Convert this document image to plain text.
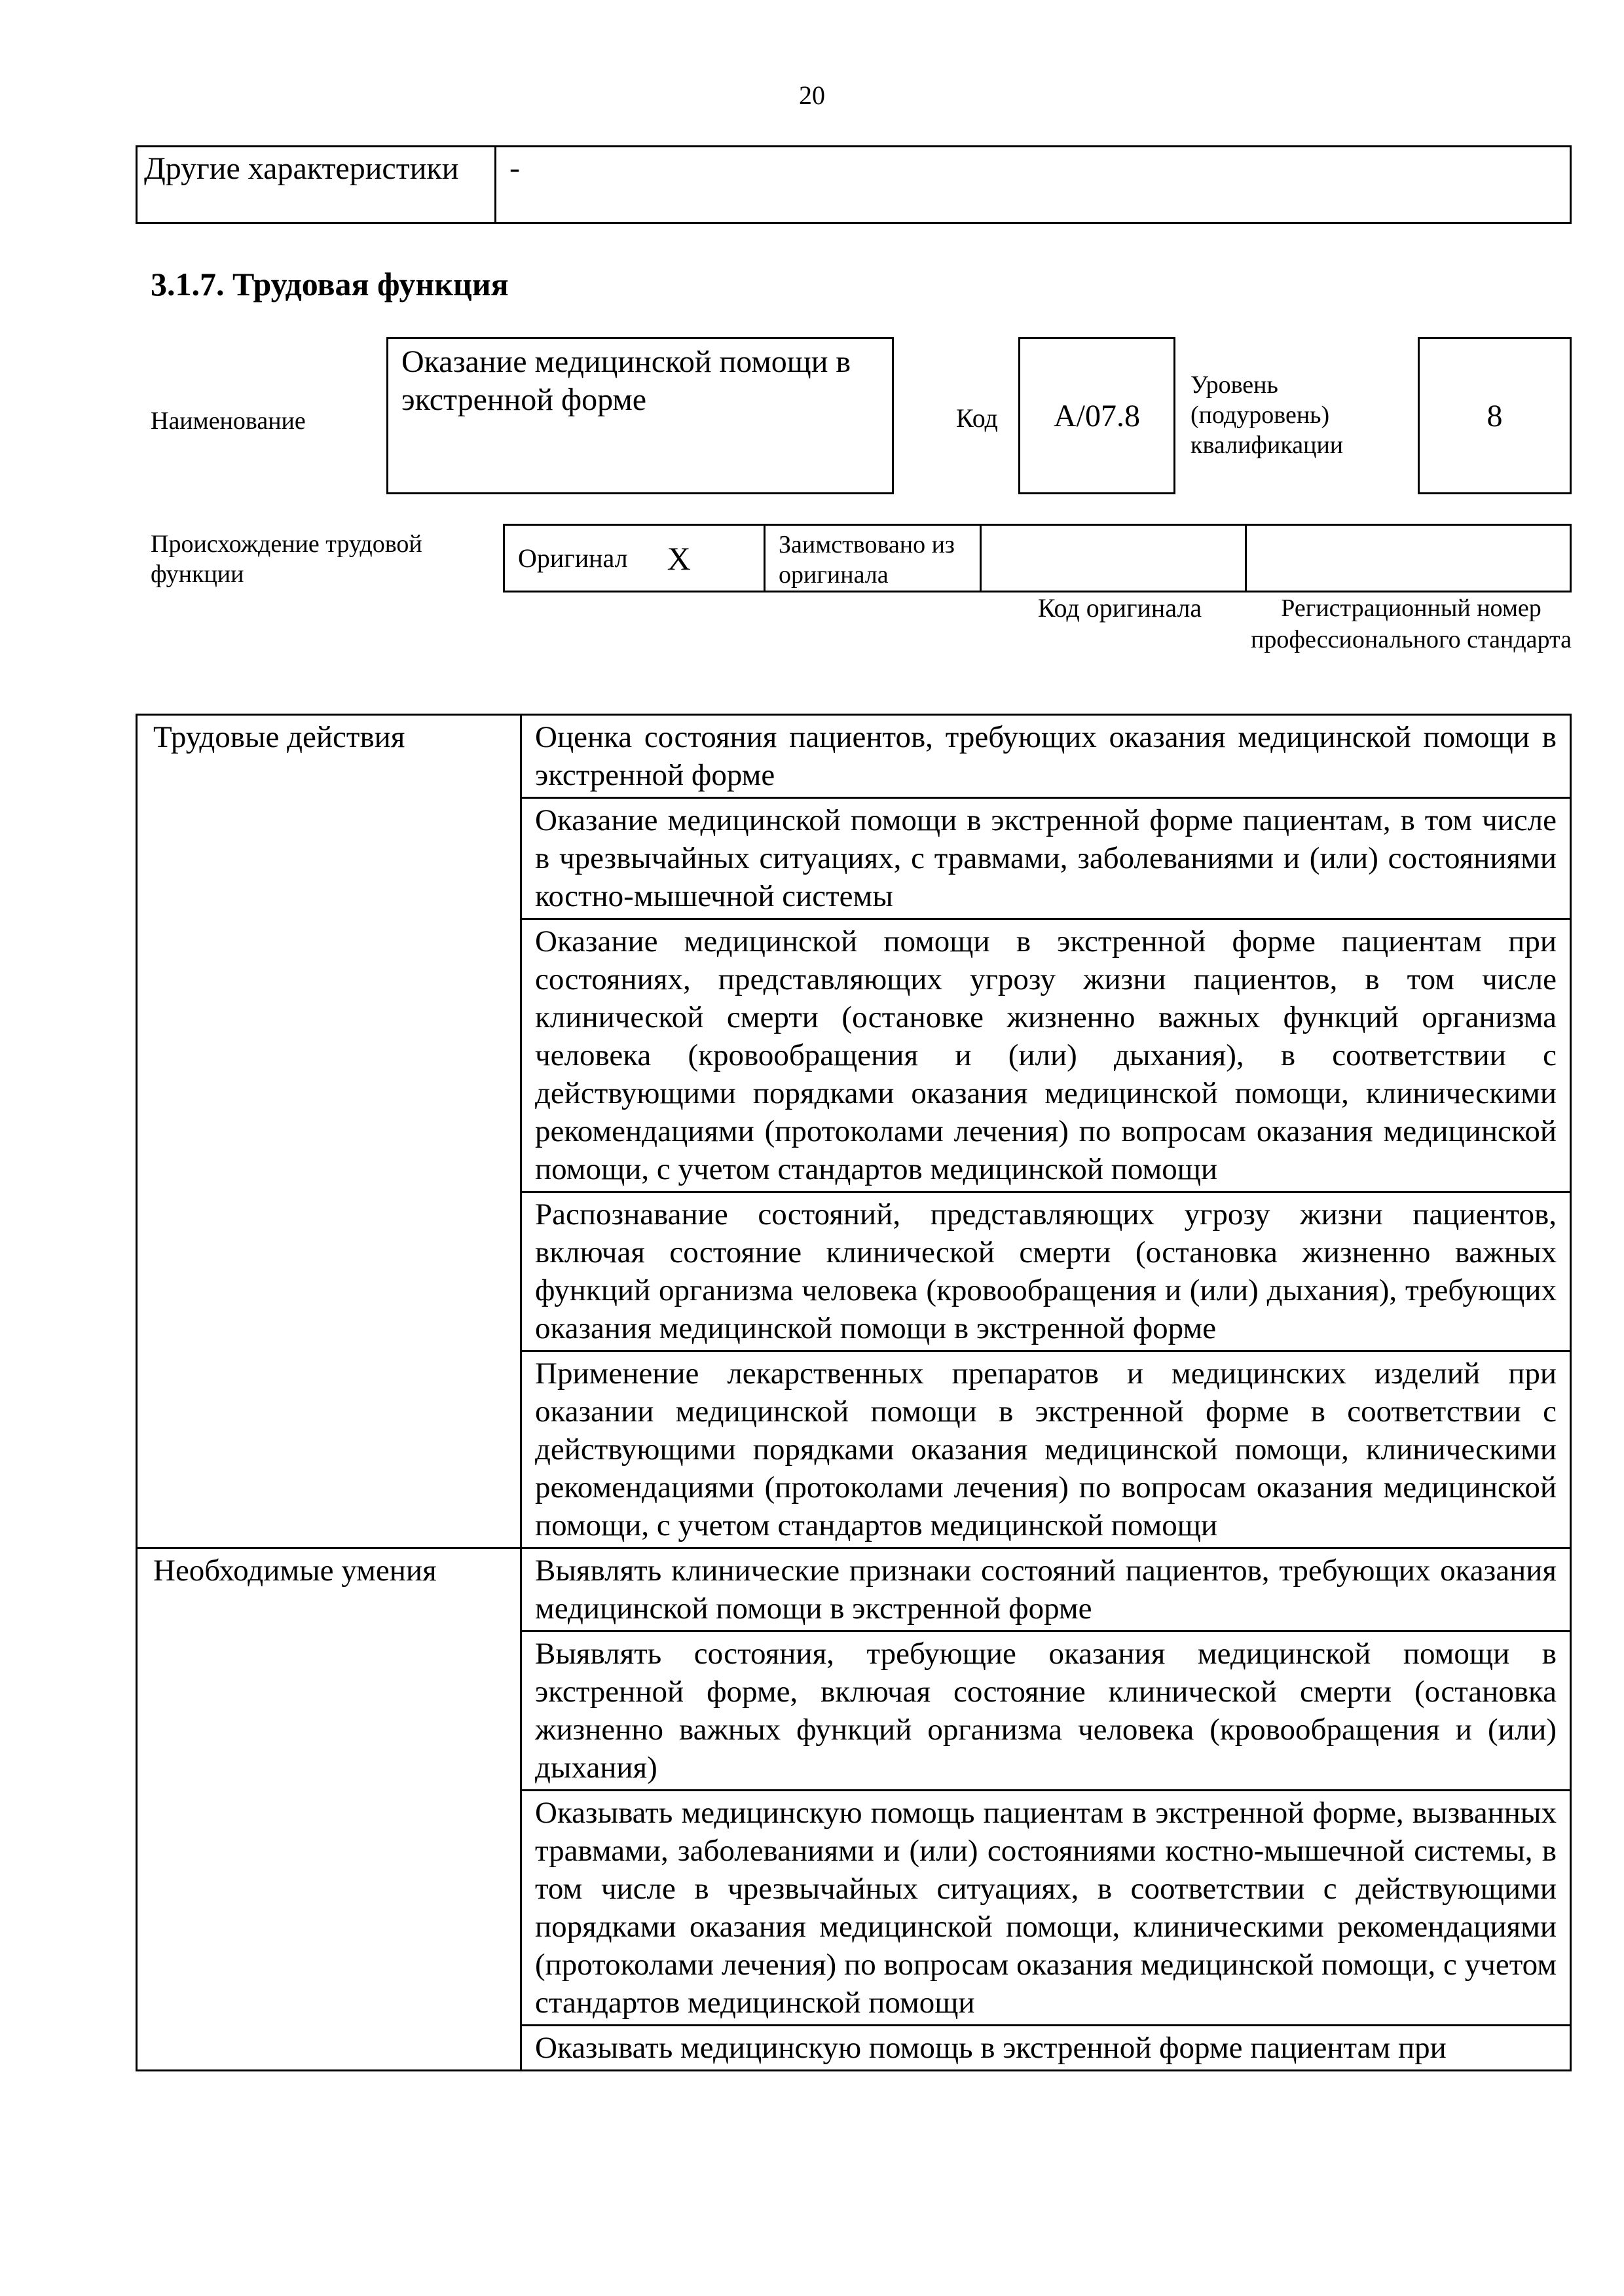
20
Другие характеристики	-
3.1.7. Трудовая функция
Наименование
Оказание медицинской помощи в экстренной форме
Код	А/07.8
Уровень (подуровень) квалификации
8
Происхождение трудовой функции
Оригинал Х	Заимствовано из оригинала
Код оригинала	Регистрационный номер профессионального стандарта
Трудовые действия	Оценка состояния пациентов, требующих оказания медицинской помощи в экстренной форме
	Оказание медицинской помощи в экстренной форме пациентам, в том числе в чрезвычайных ситуациях, с травмами, заболеваниями и (или) состояниями костно-мышечной системы
	Оказание медицинской помощи в экстренной форме пациентам при состояниях, представляющих угрозу жизни пациентов, в том числе клинической смерти (остановке жизненно важных функций организма человека (кровообращения и (или) дыхания), в соответствии с действующими порядками оказания медицинской помощи, клиническими рекомендациями (протоколами лечения) по вопросам оказания медицинской помощи, с учетом стандартов медицинской помощи
	Распознавание состояний, представляющих угрозу жизни пациентов, включая состояние клинической смерти (остановка жизненно важных функций организма человека (кровообращения и (или) дыхания), требующих оказания медицинской помощи в экстренной форме
	Применение лекарственных препаратов и медицинских изделий при оказании медицинской помощи в экстренной форме в соответствии с действующими порядками оказания медицинской помощи, клиническими рекомендациями (протоколами лечения) по вопросам оказания медицинской помощи, с учетом стандартов медицинской помощи
Необходимые умения	Выявлять клинические признаки состояний пациентов, требующих оказания медицинской помощи в экстренной форме
	Выявлять состояния, требующие оказания медицинской помощи в экстренной форме, включая состояние клинической смерти (остановка жизненно важных функций организма человека (кровообращения и (или) дыхания)
	Оказывать медицинскую помощь пациентам в экстренной форме, вызванных травмами, заболеваниями и (или) состояниями костно-мышечной системы, в том числе в чрезвычайных ситуациях, в соответствии с действующими порядками оказания медицинской помощи, клиническими рекомендациями (протоколами лечения) по вопросам оказания медицинской помощи, с учетом стандартов медицинской помощи
	Оказывать медицинскую помощь в экстренной форме пациентам при
